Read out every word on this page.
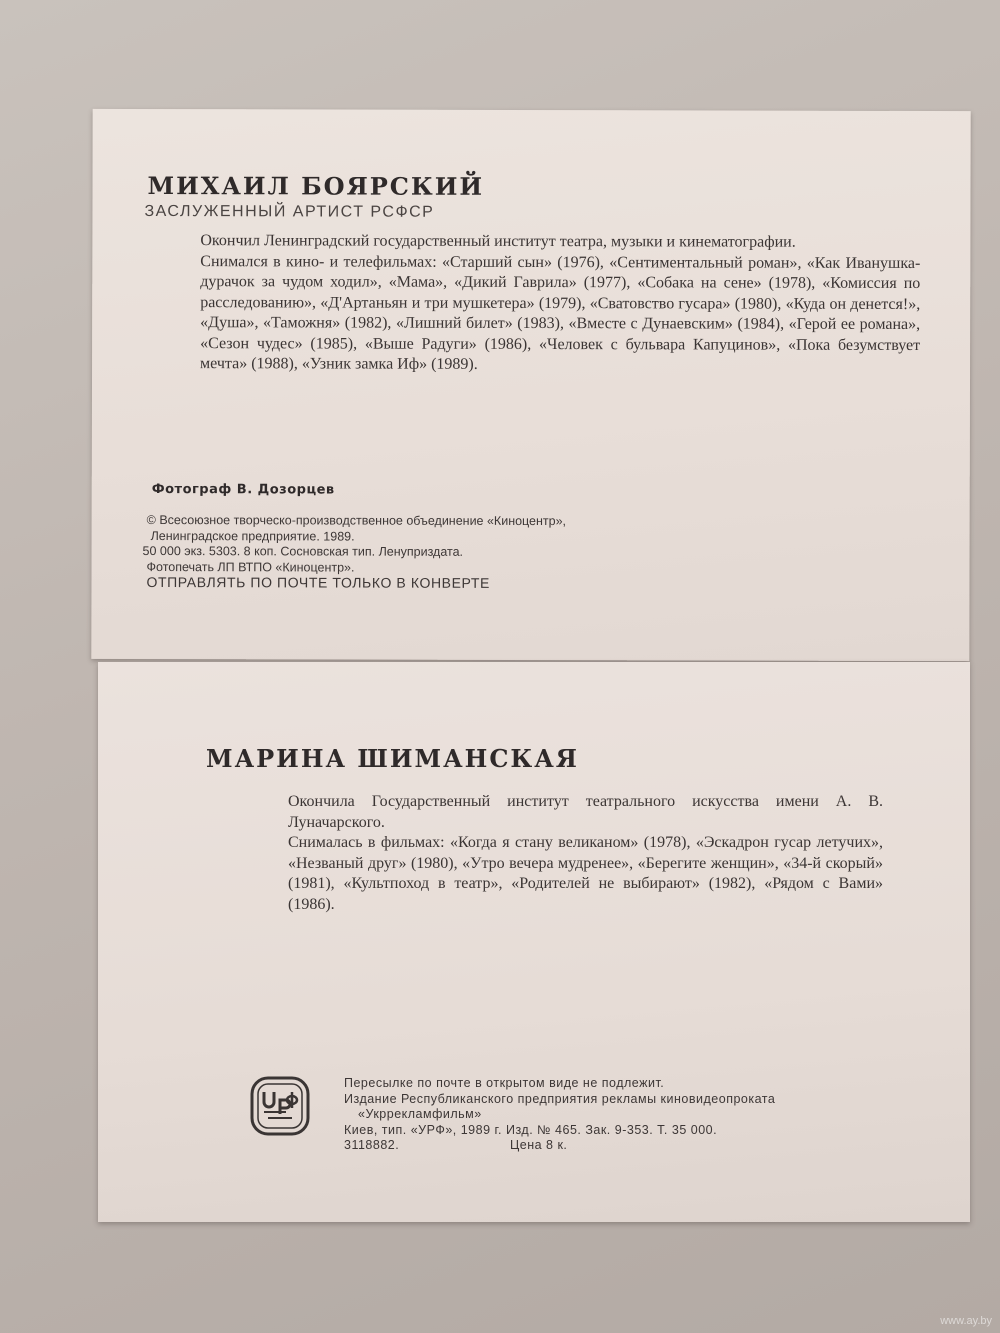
МИХАИЛ БОЯРСКИЙ
ЗАСЛУЖЕННЫЙ АРТИСТ РСФСР

Окончил Ленинградский государственный институт театра, музыки и кинематографии.

Снимался в кино- и телефильмах: «Старший сын» (1976), «Сентиментальный роман», «Как Иванушка-дурачок за чудом ходил», «Мама», «Дикий Гаврила» (1977), «Собака на сене» (1978), «Комиссия по расследованию», «Д'Артаньян и три мушкетера» (1979), «Сватовство гусара» (1980), «Куда он денется!», «Душа», «Таможня» (1982), «Лишний билет» (1983), «Вместе с Дунаевским» (1984), «Герой ее романа», «Сезон чудес» (1985), «Выше Радуги» (1986), «Человек с бульвара Капуцинов», «Пока безумствует мечта» (1988), «Узник замка Иф» (1989).

Фотограф В. Дозорцев
© Всесоюзное творческо-производственное объединение «Киноцентр»,
Ленинградское предприятие. 1989.
50 000 экз. 5303. 8 коп. Сосновская тип. Ленуприздата.
Фотопечать ЛП ВТПО «Киноцентр».
ОТПРАВЛЯТЬ ПО ПОЧТЕ ТОЛЬКО В КОНВЕРТЕ
МАРИНА ШИМАНСКАЯ

Окончила Государственный институт театрального искусства имени А. В. Луначарского.

Снималась в фильмах: «Когда я стану великаном» (1978), «Эскадрон гусар летучих», «Незваный друг» (1980), «Утро вечера мудренее», «Берегите женщин», «34-й скорый» (1981), «Культпоход в театр», «Родителей не выбирают» (1982), «Рядом с Вами» (1986).

Пересылке по почте в открытом виде не подлежит.
Издание Республиканского предприятия рекламы киновидеопроката
«Укррекламфильм»
Киев, тип. «УРФ», 1989 г. Изд. № 465. Зак. 9-353. Т. 35 000.
3118882.	Цена 8 к.
www.ay.by
